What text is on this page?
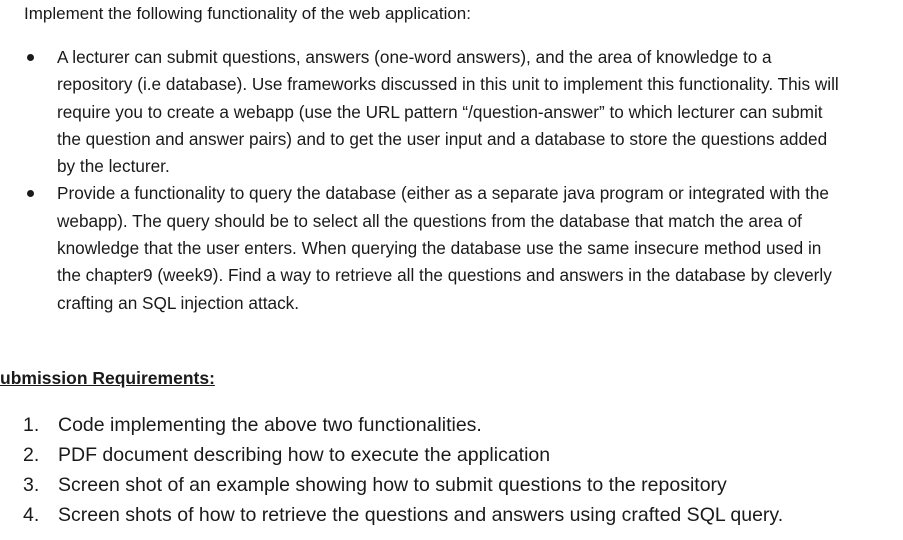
Implement the following functionality of the web application:
A lecturer can submit questions, answers (one-word answers), and the area of knowledge to a repository (i.e database). Use frameworks discussed in this unit to implement this functionality. This will require you to create a webapp (use the URL pattern “/question-answer” to which lecturer can submit the question and answer pairs) and to get the user input and a database to store the questions added by the lecturer.
Provide a functionality to query the database (either as a separate java program or integrated with the webapp). The query should be to select all the questions from the database that match the area of knowledge that the user enters. When querying the database use the same insecure method used in the chapter9 (week9). Find a way to retrieve all the questions and answers in the database by cleverly crafting an SQL injection attack.
ubmission Requirements:
1. Code implementing the above two functionalities.
2. PDF document describing how to execute the application
3. Screen shot of an example showing how to submit questions to the repository
4. Screen shots of how to retrieve the questions and answers using crafted SQL query.
